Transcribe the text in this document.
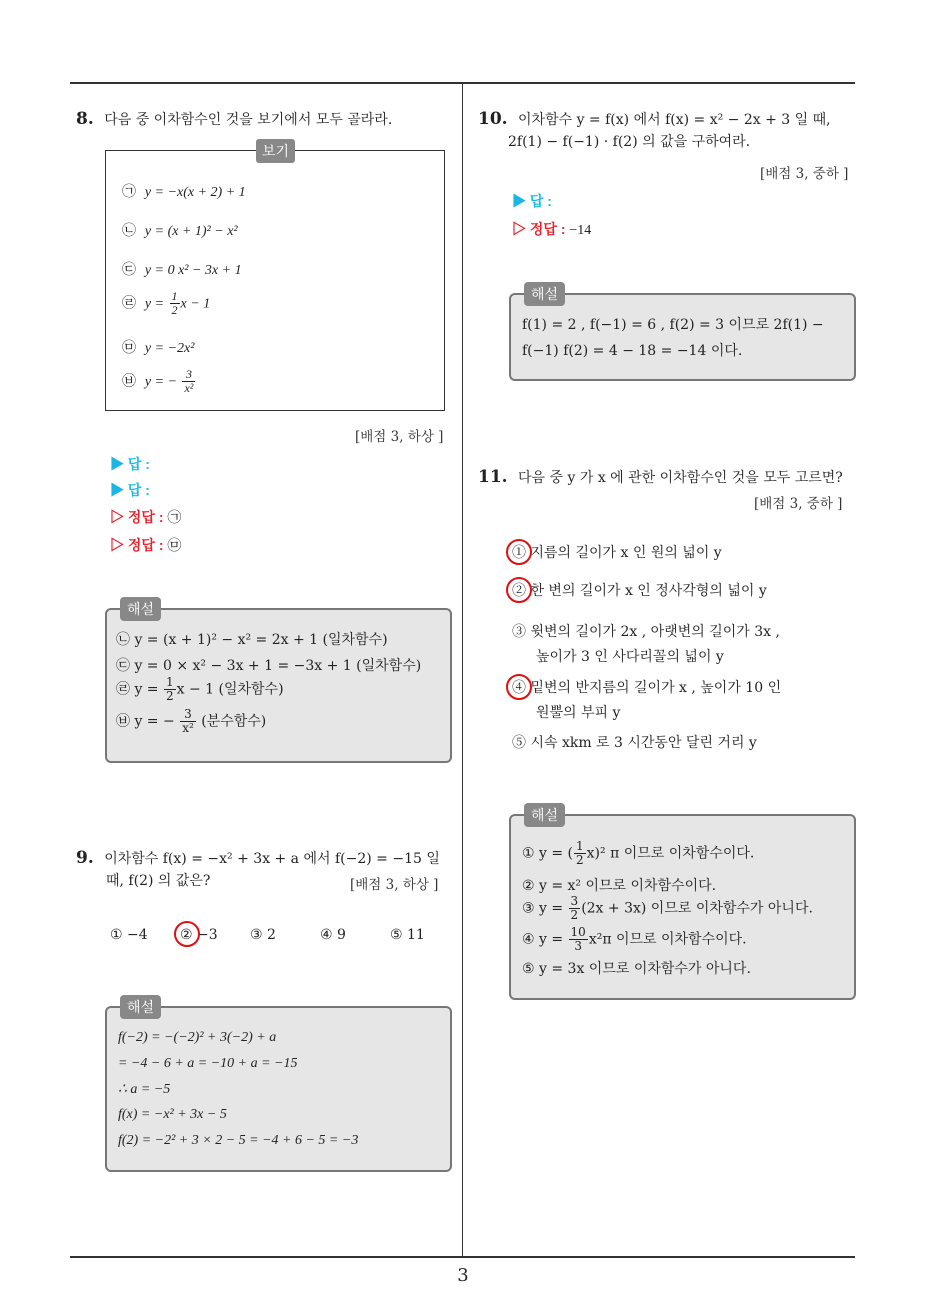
8. 다음 중 이차함수인 것을 보기에서 모두 골라라.
보기
㉠ y = −x(x + 2) + 1
㉡ y = (x + 1)² − x²
㉢ y = 0 x² − 3x + 1
㉣ $y = \frac{1}{2}$ x − 1
㉤ y = −2x²
㉥ y = − $\frac{3}{\text{x²}}$
[배점 3, 하상 ]
▶ 답 :
▶ 답 :
▷ 정답 : ㉠
▷ 정답 : ㉤
해설
㉡ y = (x + 1)² − x² = 2x + 1 (일차함수)
㉢ y = 0 × x² − 3x + 1 = −3x + 1 (일차함수)
㉣ $y = \frac{1}{2}$ x − 1 (일차함수)
㉥ y = − $\frac{3}{\text{x²}}$ (분수함수)
9. 이차함수 f(x) = −x² + 3x + a 에서 f(−2) = −15 일
때, f(2) 의 값은?	[배점 3, 하상 ]
① −4 ② −3 ③ 2	④ 9	⑤ 11
해설
f(−2) = −(−2)² + 3(−2) + a
= −4 − 6 + a = −10 + a = −15
∴ a = −5
f(x) = −x² + 3x − 5
f(2) = −2² + 3 × 2 − 5 = −4 + 6 − 5 = −3
10. 이차함수 y = f(x) 에서 f(x) = x² − 2x + 3 일 때,
2f(1) − f(−1) · f(2) 의 값을 구하여라.
[배점 3, 중하 ]
▶ 답 :
▷ 정답 : −14
해설
f(1) = 2 , f(−1) = 6 , f(2) = 3 이므로 2f(1) −
f(−1) f(2) = 4 − 18 = −14 이다.
11. 다음 중 y 가 x 에 관한 이차함수인 것을 모두 고르면?
[배점 3, 중하 ]
① 지름의 길이가 x 인 원의 넓이 y
② 한 변의 길이가 x 인 정사각형의 넓이 y
③ 윗변의 길이가 2x , 아랫변의 길이가 3x ,
높이가 3 인 사다리꼴의 넓이 y
④ 밑변의 반지름의 길이가 x , 높이가 10 인
원뿔의 부피 y
⑤ 시속 xkm 로 3 시간동안 달린 거리 y
해설
① y = ( $\frac{1}{2} x)^2$ π 이므로 이차함수이다.
② y = x² 이므로 이차함수이다.
③ $y = \frac{3}{2} (2x + 3x)$ 이므로 이차함수가 아니다.
④ $y = \frac{10}{3} x^2\pi$ 이므로 이차함수이다.
⑤ y = 3x 이므로 이차함수가 아니다.
3
